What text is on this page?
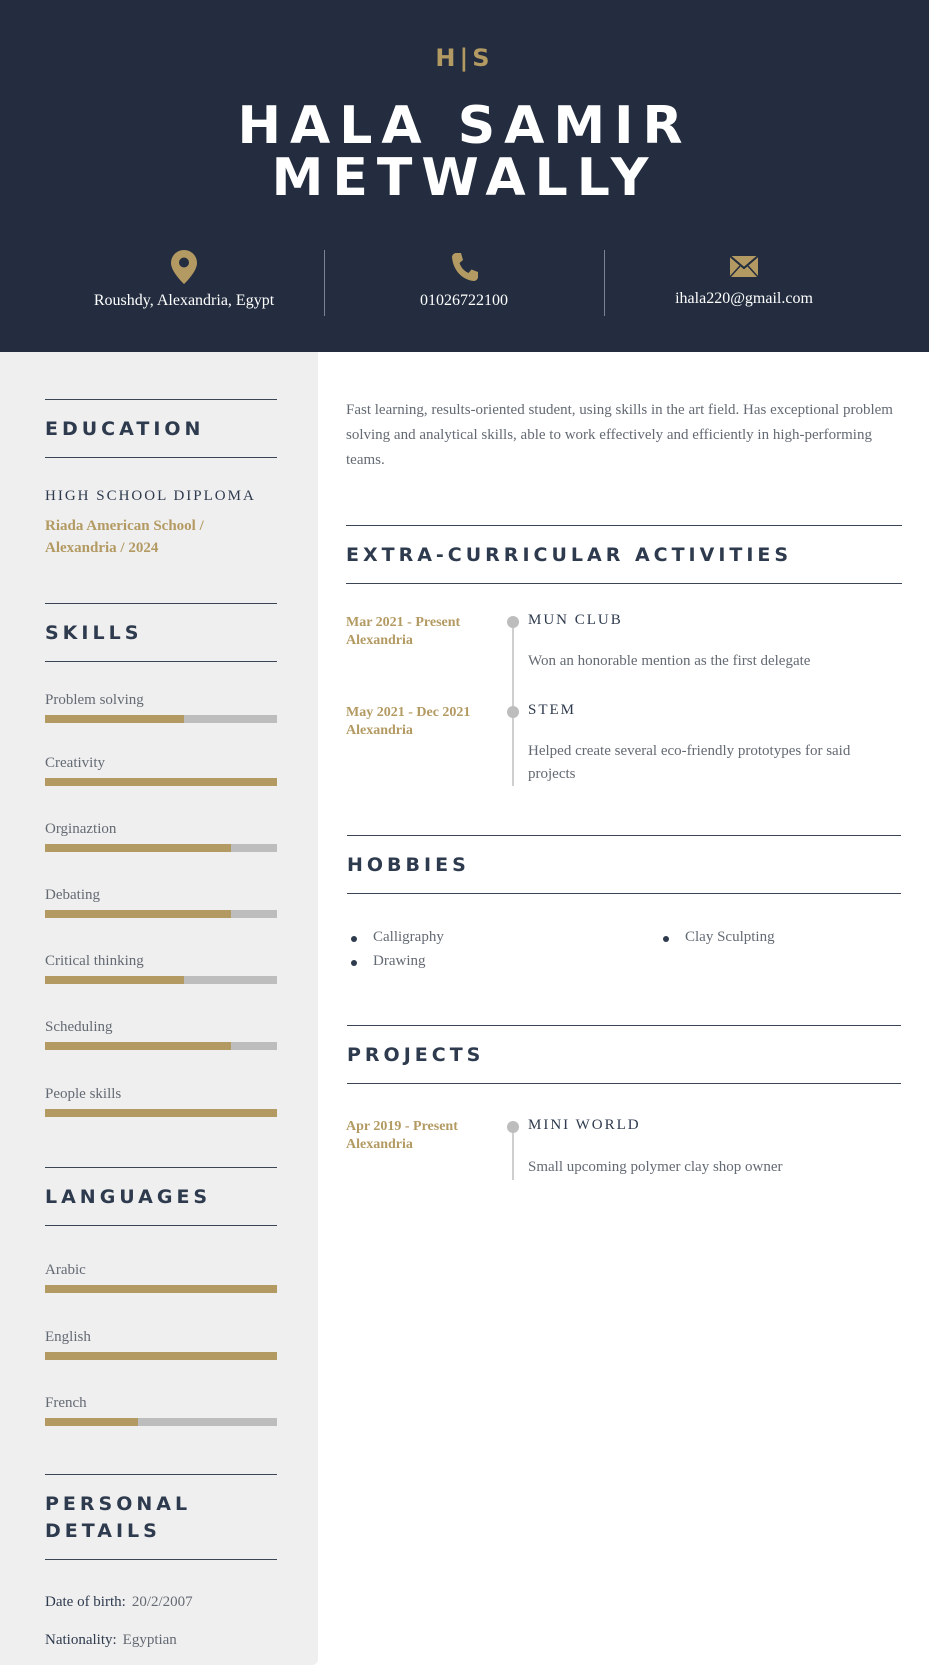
H|S
HALA SAMIR
METWALLY
Roushdy, Alexandria, Egypt	01026722100	ihala220@gmail.com
EDUCATION
HIGH SCHOOL DIPLOMA
Riada American School /
Alexandria / 2024
SKILLS
Problem solving
Creativity
Orginaztion
Debating
Critical thinking
Scheduling
People skills
LANGUAGES
Arabic
English
French
PERSONAL
DETAILS
Date of birth: 20/2/2007
Nationality: Egyptian
Fast learning, results-oriented student, using skills in the art field. Has exceptional problem solving and analytical skills, able to work effectively and efficiently in high-performing teams.
EXTRA-CURRICULAR ACTIVITIES
Mar 2021 - Present
Alexandria
MUN CLUB
Won an honorable mention as the first delegate
May 2021 - Dec 2021
Alexandria
STEM
Helped create several eco-friendly prototypes for said projects
HOBBIES
Calligraphy
Drawing
Clay Sculpting
PROJECTS
Apr 2019 - Present
Alexandria
MINI WORLD
Small upcoming polymer clay shop owner
